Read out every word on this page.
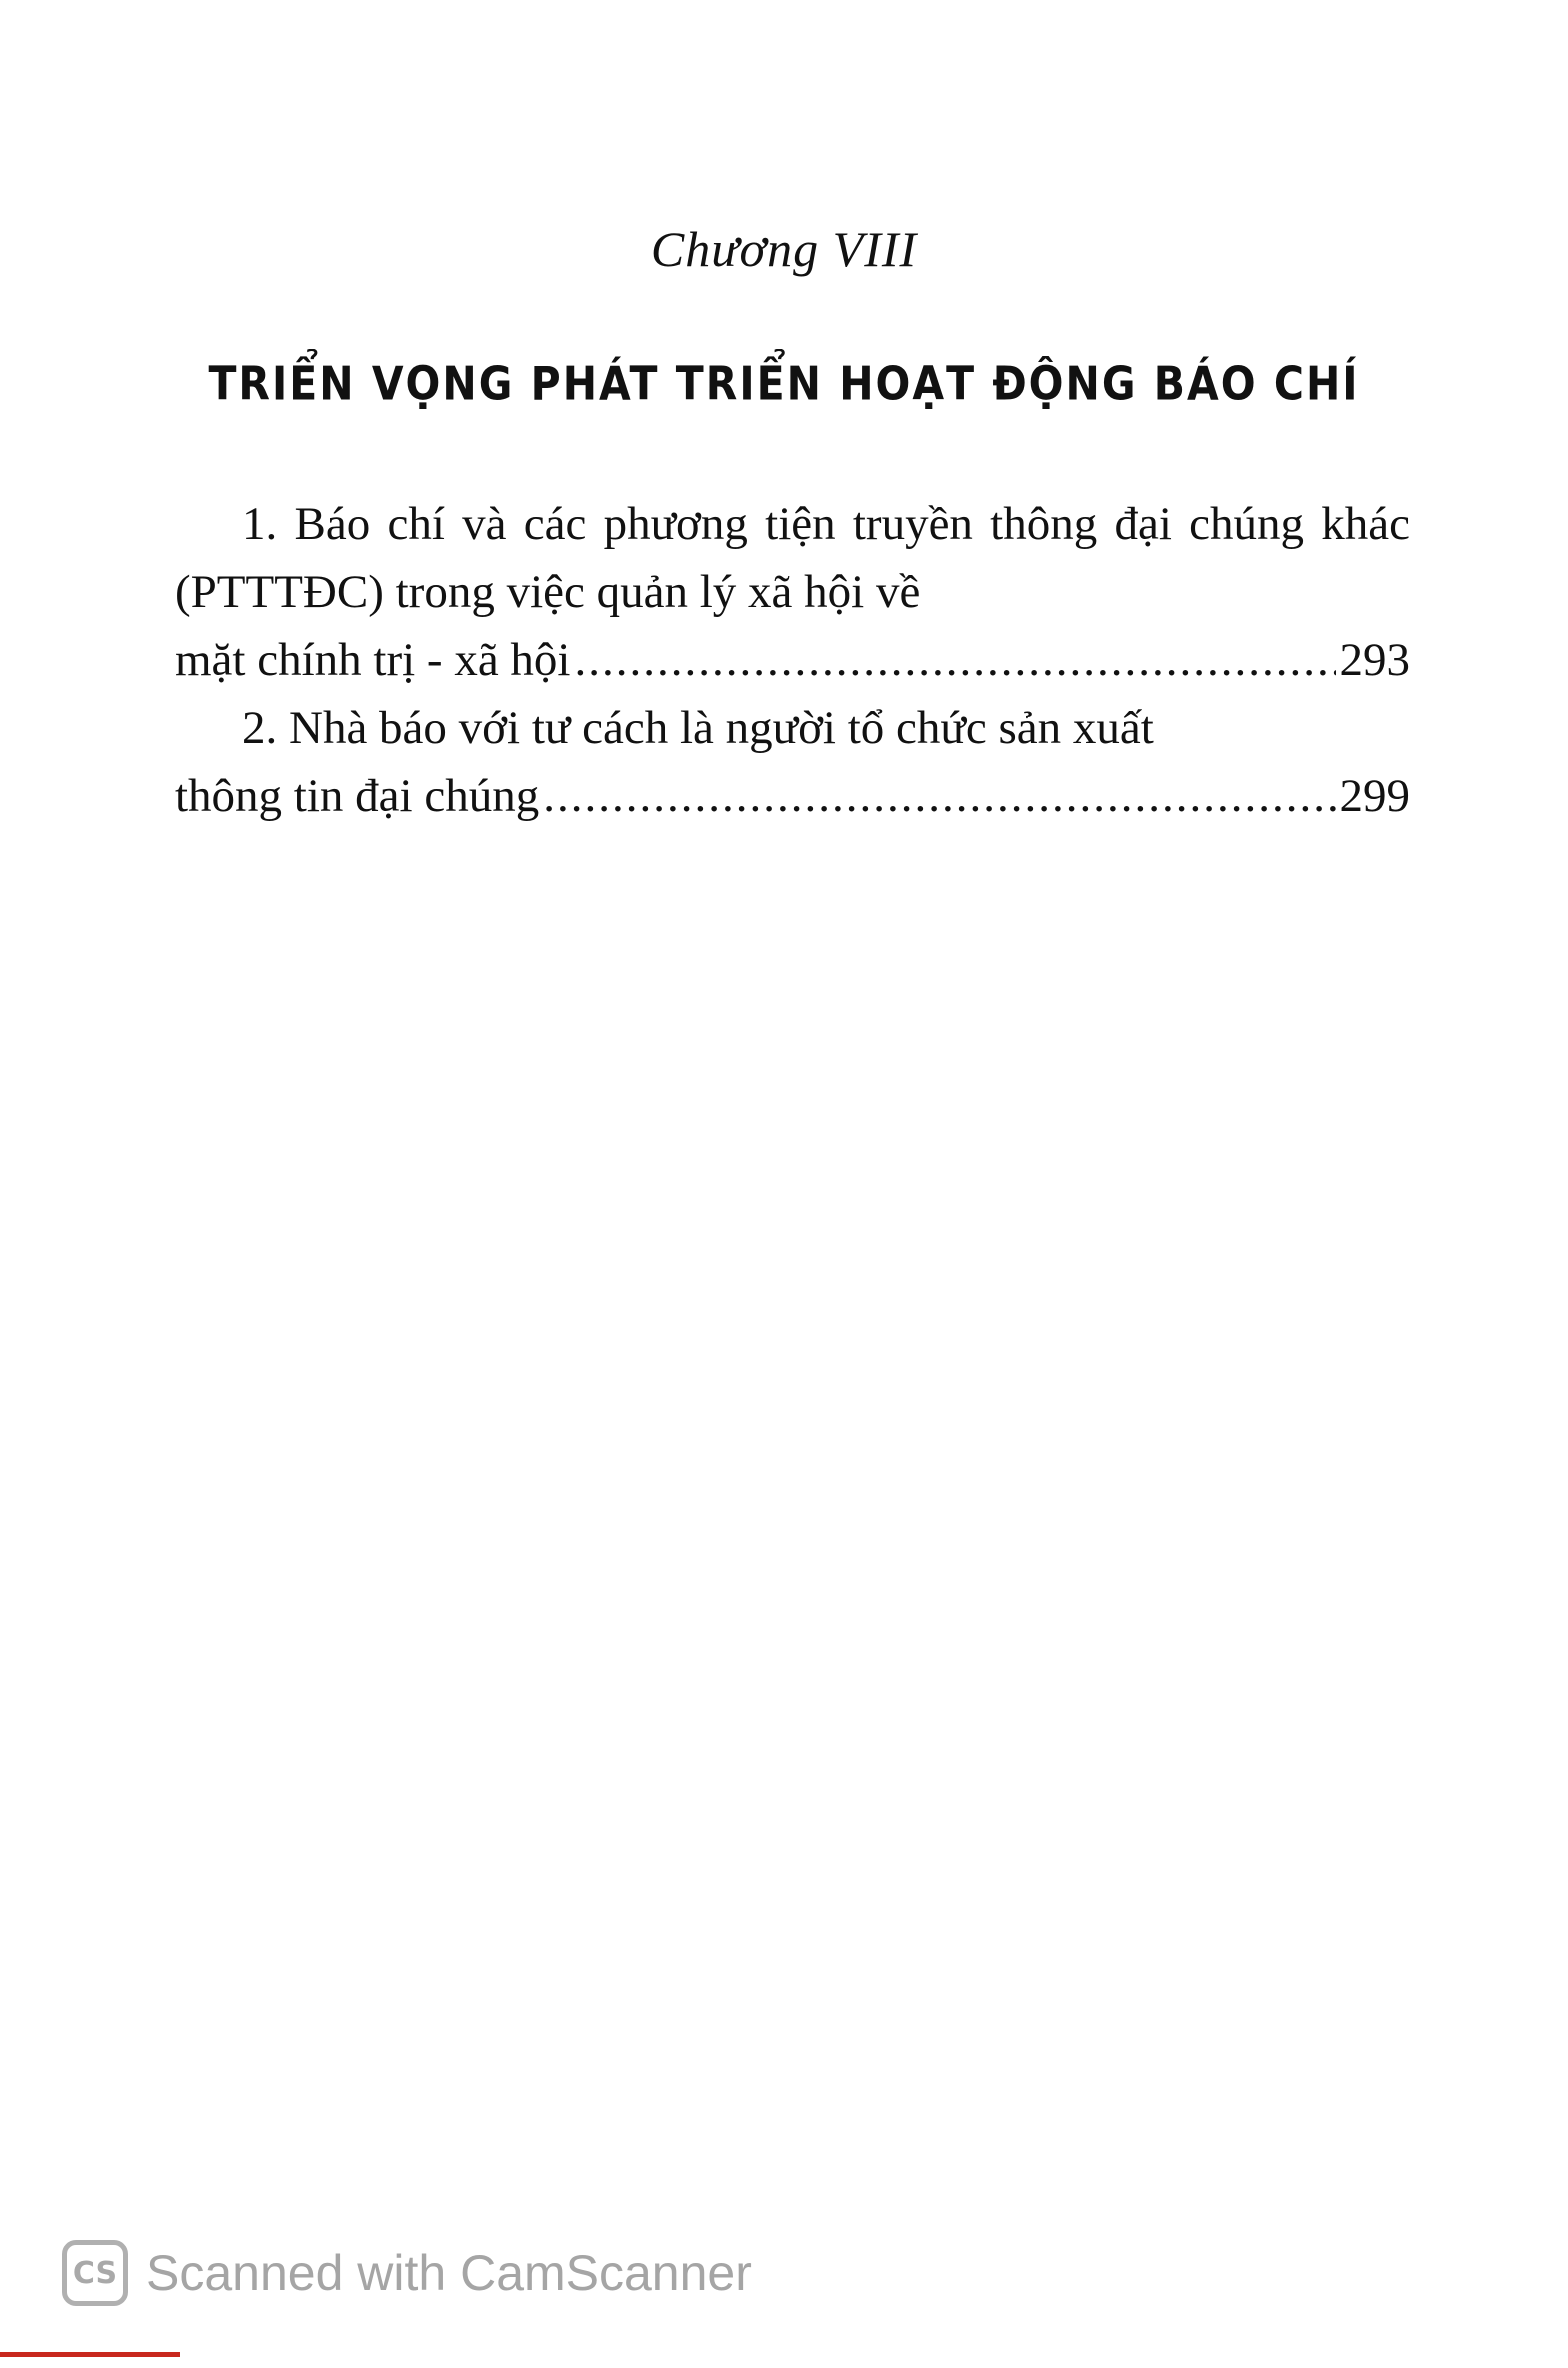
Chương VIII
TRIỂN VỌNG PHÁT TRIỂN HOẠT ĐỘNG BÁO CHÍ

1. Báo chí và các phương tiện truyền thông đại chúng khác (PTTTĐC) trong việc quản lý xã hội về

mặt chính trị - xã hội .....	293

2. Nhà báo với tư cách là người tổ chức sản xuất

thông tin đại chúng .....	299
CS Scanned with CamScanner
